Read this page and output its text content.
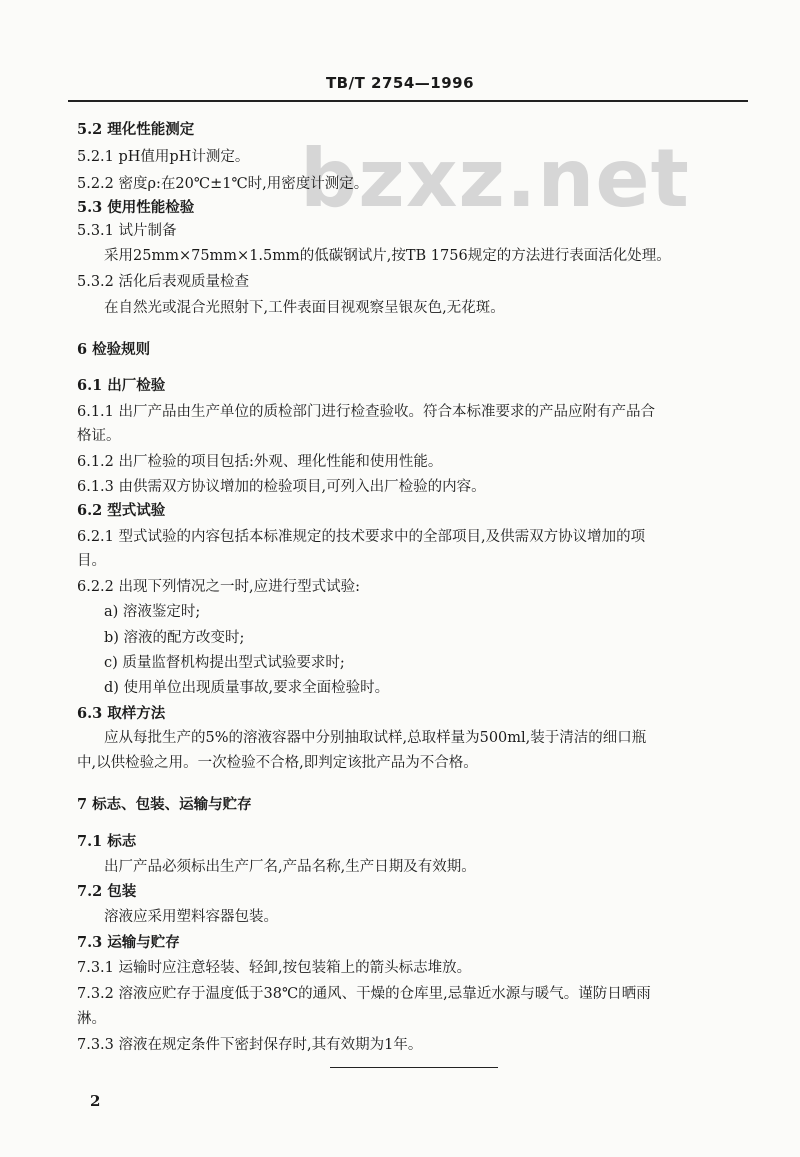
TB/T 2754—1996
bzxz.net
5.2 理化性能测定
5.2.1 pH值用pH计测定。
5.2.2 密度ρ:在20℃±1℃时,用密度计测定。
5.3 使用性能检验
5.3.1 试片制备
采用25mm×75mm×1.5mm的低碳钢试片,按TB 1756规定的方法进行表面活化处理。
5.3.2 活化后表观质量检查
在自然光或混合光照射下,工件表面目视观察呈银灰色,无花斑。
6 检验规则
6.1 出厂检验
6.1.1 出厂产品由生产单位的质检部门进行检查验收。符合本标准要求的产品应附有产品合
格证。
6.1.2 出厂检验的项目包括:外观、理化性能和使用性能。
6.1.3 由供需双方协议增加的检验项目,可列入出厂检验的内容。
6.2 型式试验
6.2.1 型式试验的内容包括本标准规定的技术要求中的全部项目,及供需双方协议增加的项
目。
6.2.2 出现下列情况之一时,应进行型式试验:
a) 溶液鉴定时;
b) 溶液的配方改变时;
c) 质量监督机构提出型式试验要求时;
d) 使用单位出现质量事故,要求全面检验时。
6.3 取样方法
应从每批生产的5%的溶液容器中分别抽取试样,总取样量为500ml,装于清洁的细口瓶
中,以供检验之用。一次检验不合格,即判定该批产品为不合格。
7 标志、包装、运输与贮存
7.1 标志
出厂产品必须标出生产厂名,产品名称,生产日期及有效期。
7.2 包装
溶液应采用塑料容器包装。
7.3 运输与贮存
7.3.1 运输时应注意轻装、轻卸,按包装箱上的箭头标志堆放。
7.3.2 溶液应贮存于温度低于38℃的通风、干燥的仓库里,忌靠近水源与暖气。谨防日晒雨
淋。
7.3.3 溶液在规定条件下密封保存时,其有效期为1年。
2
